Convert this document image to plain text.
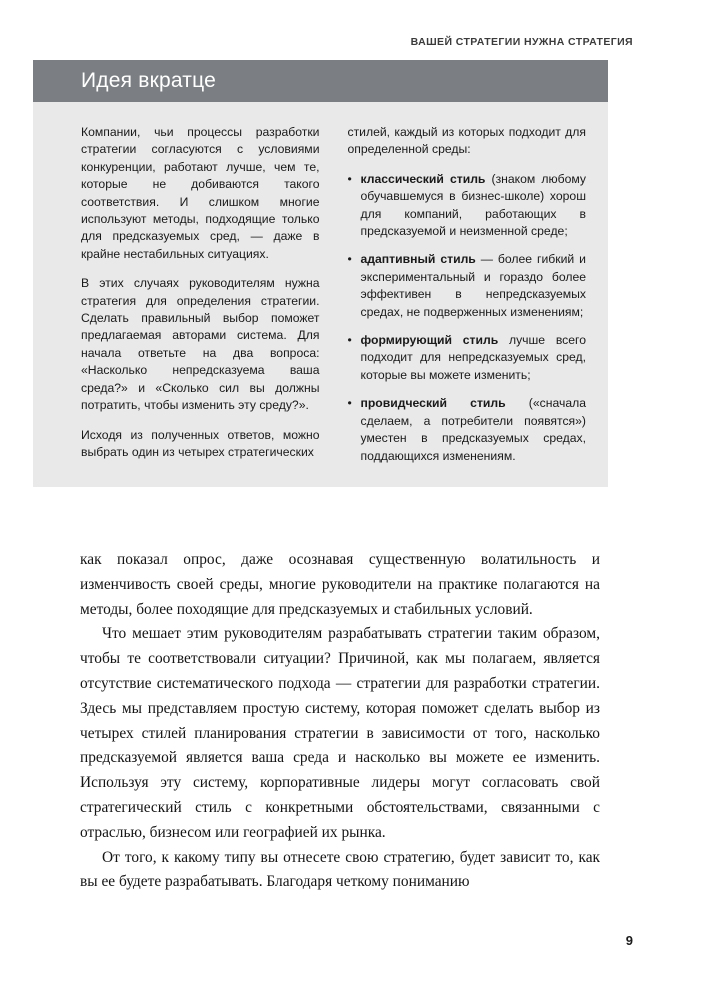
ВАШЕЙ СТРАТЕГИИ НУЖНА СТРАТЕГИЯ
Идея вкратце

Компании, чьи процессы разработки стратегии согласуются с условиями конкуренции, работают лучше, чем те, которые не добиваются такого соответствия. И слишком многие используют методы, подходящие только для предсказуемых сред, — даже в крайне нестабильных ситуациях.

В этих случаях руководителям нужна стратегия для определения стратегии. Сделать правильный выбор поможет предлагаемая авторами система. Для начала ответьте на два вопроса: «Насколько непредсказуема ваша среда?» и «Сколько сил вы должны потратить, чтобы изменить эту среду?».

Исходя из полученных ответов, можно выбрать один из четырех стратегических

стилей, каждый из которых подходит для определенной среды:

• классический стиль (знаком любому обучавшемуся в бизнес-школе) хорош для компаний, работающих в предсказуемой и неизменной среде;
• адаптивный стиль — более гибкий и экспериментальный и гораздо более эффективен в непредсказуемых средах, не подверженных изменениям;
• формирующий стиль лучше всего подходит для непредсказуемых сред, которые вы можете изменить;
• провидческий стиль («сначала сделаем, а потребители появятся») уместен в предсказуемых средах, поддающихся изменениям.

как показал опрос, даже осознавая существенную волатильность и изменчивость своей среды, многие руководители на практике полагаются на методы, более походящие для предсказуемых и стабильных условий.

Что мешает этим руководителям разрабатывать стратегии таким образом, чтобы те соответствовали ситуации? Причиной, как мы полагаем, является отсутствие систематического подхода — стратегии для разработки стратегии. Здесь мы представляем простую систему, которая поможет сделать выбор из четырех стилей планирования стратегии в зависимости от того, насколько предсказуемой является ваша среда и насколько вы можете ее изменить. Используя эту систему, корпоративные лидеры могут согласовать свой стратегический стиль с конкретными обстоятельствами, связанными с отраслью, бизнесом или географией их рынка.

От того, к какому типу вы отнесете свою стратегию, будет зависит то, как вы ее будете разрабатывать. Благодаря четкому пониманию

9
